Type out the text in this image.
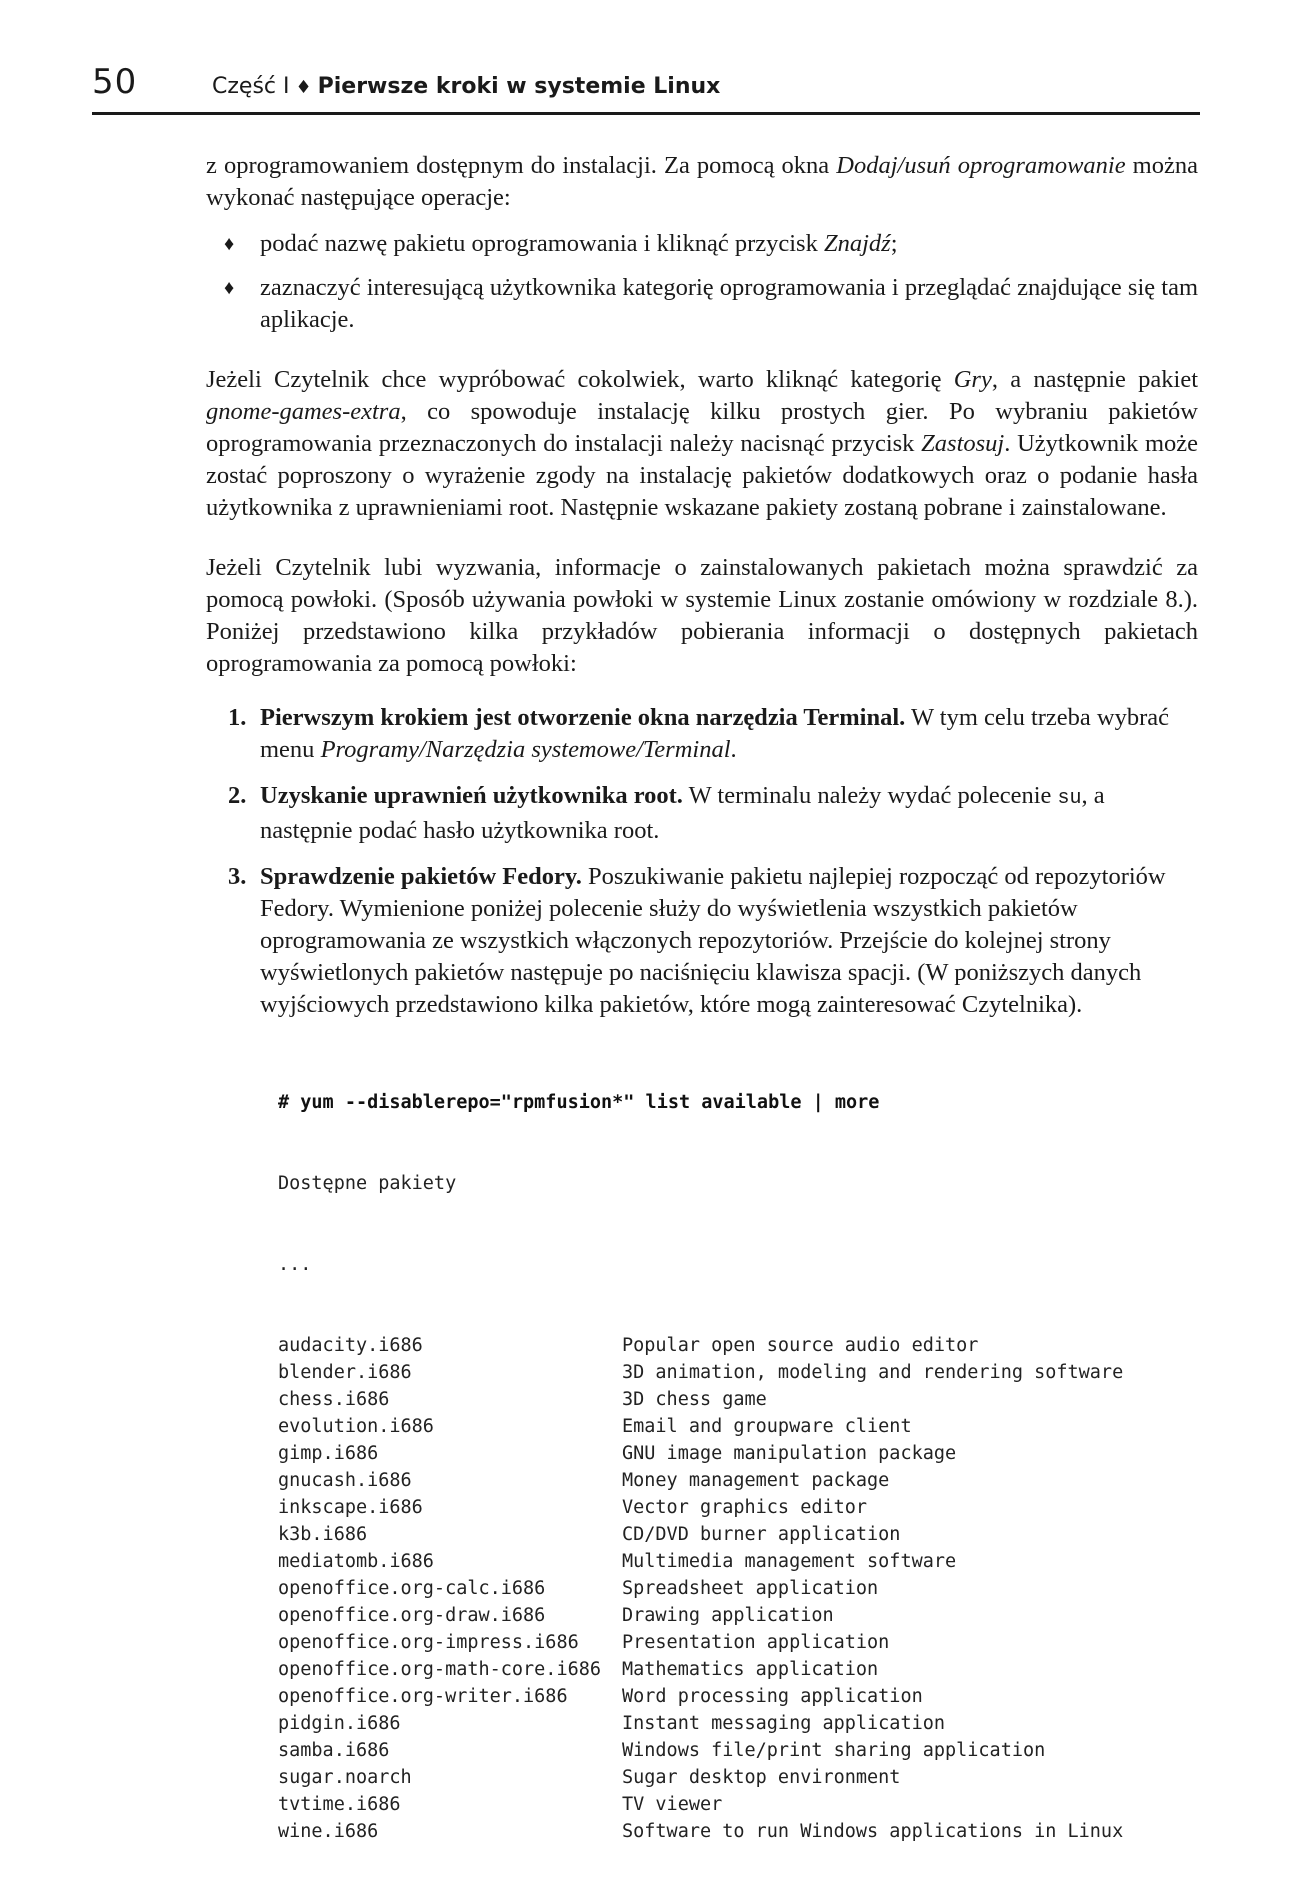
50	Część I ♦ Pierwsze kroki w systemie Linux

z oprogramowaniem dostępnym do instalacji. Za pomocą okna Dodaj/usuń oprogramowanie można wykonać następujące operacje:

♦ podać nazwę pakietu oprogramowania i kliknąć przycisk Znajdź;
♦ zaznaczyć interesującą użytkownika kategorię oprogramowania i przeglądać znajdujące się tam aplikacje.

Jeżeli Czytelnik chce wypróbować cokolwiek, warto kliknąć kategorię Gry, a następnie pakiet gnome-games-extra, co spowoduje instalację kilku prostych gier. Po wybraniu pakietów oprogramowania przeznaczonych do instalacji należy nacisnąć przycisk Zastosuj. Użytkownik może zostać poproszony o wyrażenie zgody na instalację pakietów dodatkowych oraz o podanie hasła użytkownika z uprawnieniami root. Następnie wskazane pakiety zostaną pobrane i zainstalowane.

Jeżeli Czytelnik lubi wyzwania, informacje o zainstalowanych pakietach można sprawdzić za pomocą powłoki. (Sposób używania powłoki w systemie Linux zostanie omówiony w rozdziale 8.). Poniżej przedstawiono kilka przykładów pobierania informacji o dostępnych pakietach oprogramowania za pomocą powłoki:

1. Pierwszym krokiem jest otworzenie okna narzędzia Terminal. W tym celu trzeba wybrać menu Programy/Narzędzia systemowe/Terminal.
2. Uzyskanie uprawnień użytkownika root. W terminalu należy wydać polecenie su, a następnie podać hasło użytkownika root.
3. Sprawdzenie pakietów Fedory. Poszukiwanie pakietu najlepiej rozpocząć od repozytoriów Fedory. Wymienione poniżej polecenie służy do wyświetlenia wszystkich pakietów oprogramowania ze wszystkich włączonych repozytoriów. Przejście do kolejnej strony wyświetlonych pakietów następuje po naciśnięciu klawisza spacji. (W poniższych danych wyjściowych przedstawiono kilka pakietów, które mogą zainteresować Czytelnika).

# yum --disablerepo="rpmfusion*" list available | more

Dostępne pakiety

...

audacity.i686	Popular open source audio editor
blender.i686	3D animation, modeling and rendering software
chess.i686	3D chess game
evolution.i686	Email and groupware client
gimp.i686	GNU image manipulation package
gnucash.i686	Money management package
inkscape.i686	Vector graphics editor
k3b.i686	CD/DVD burner application
mediatomb.i686	Multimedia management software
openoffice.org-calc.i686	Spreadsheet application
openoffice.org-draw.i686	Drawing application
openoffice.org-impress.i686	Presentation application
openoffice.org-math-core.i686	Mathematics application
openoffice.org-writer.i686	Word processing application
pidgin.i686	Instant messaging application
samba.i686	Windows file/print sharing application
sugar.noarch	Sugar desktop environment
tvtime.i686	TV viewer
wine.i686	Software to run Windows applications in Linux
